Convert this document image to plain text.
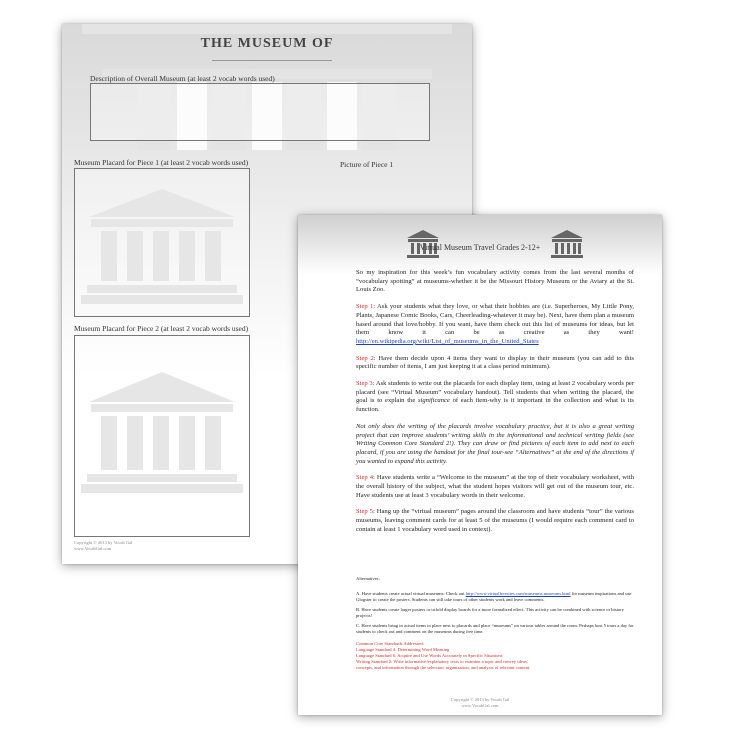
THE MUSEUM OF
Description of Overall Museum (at least 2 vocab words used)
Museum Placard for Piece 1 (at least 2 vocab words used)	Picture of Piece 1
Museum Placard for Piece 2 (at least 2 vocab words used)
Copyright © 2013 by Vocab Gal
www.VocabGal.com
Virtual Museum Travel Grades 2-12+

So my inspiration for this week’s fun vocabulary activity comes from the last several months of “vocabulary spotting” at museums-whether it be the Missouri History Museum or the Aviary at the St. Louis Zoo.

Step 1: Ask your students what they love, or what their hobbies are (i.e. Superheroes, My Little Pony, Plants, Japanese Comic Books, Cars, Cheerleading-whatever it may be). Next, have them plan a museum based around that love/hobby. If you want, have them check out this list of museums for ideas, but let them know it can be as creative as they want! http://en.wikipedia.org/wiki/List_of_museums_in_the_United_States

Step 2: Have them decide upon 4 items they want to display in their museum (you can add to this specific number of items, I am just keeping it at a class period minimum).

Step 3: Ask students to write out the placards for each display item, using at least 2 vocabulary words per placard (see “Virtual Museum” vocabulary handout). Tell students that when writing the placard, the goal is to explain the significance of each item-why is it important in the collection and what is its function.

Not only does the writing of the placards involve vocabulary practice, but it is also a great writing project that can improve students’ writing skills in the informational and technical writing fields (see Writing Common Core Standard 2!). They can draw or find pictures of each item to add next to each placard, if you are using the handout for the final tour-see “Alternatives” at the end of the directions if you wanted to expand this activity.

Step 4: Have students write a “Welcome to the museum” at the top of their vocabulary worksheet, with the overall history of the subject, what the student hopes visitors will get out of the museum tour, etc. Have students use at least 3 vocabulary words in their welcome.

Step 5: Hang up the “virtual museum” pages around the classroom and have students “tour” the various museums, leaving comment cards for at least 5 of the museums (I would require each comment card to contain at least 1 vocabulary word used in context).

Alternatives:

A. Have students create actual virtual museums: Check out http://www.virtualfreesites.com/museums.museums.html for museum inspirations and use Glogster to create the posters. Students can still take tours of other students work and leave comments.

B. Have students create larger posters or trifold display boards for a more formalized effect. This activity can be combined with science or history projects!

C. Have students bring in actual items to place next to placards and place “museums” on various tables around the room. Perhaps host 5 tours a day for students to check out and comment on the museums during free time.

Common Core Standards Addressed:
Language Standard 4: Determining Word Meaning
Language Standard 6: Acquire and Use Words Accurately in Specific Situations
Writing Standard 2: Write informative/explanatory texts to examine a topic and convey ideas,
concepts, and information through the selection, organization, and analysis of relevant content.
Copyright © 2013 by Vocab Gal
www.VocabGal.com
